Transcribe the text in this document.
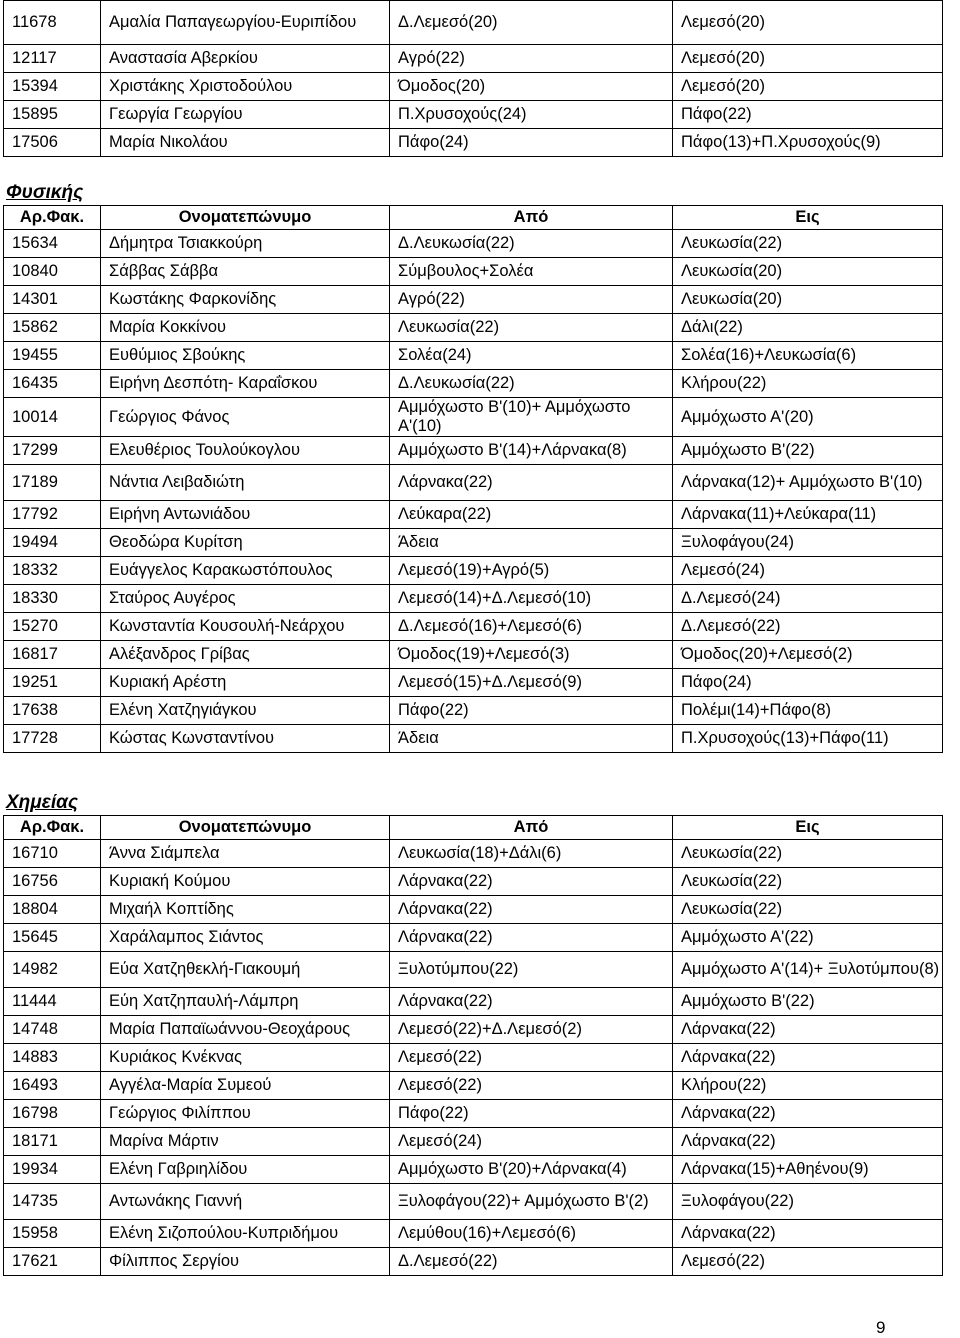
11678	Αμαλία Παπαγεωργίου-Ευριπίδου	Δ.Λεμεσό(20)	Λεμεσό(20)
12117	Αναστασία Αβερκίου	Αγρό(22)	Λεμεσό(20)
15394	Χριστάκης Χριστοδούλου	Όμοδος(20)	Λεμεσό(20)
15895	Γεωργία Γεωργίου	Π.Χρυσοχούς(24)	Πάφο(22)
17506	Μαρία Νικολάου	Πάφο(24)	Πάφο(13)+Π.Χρυσοχούς(9)
Φυσικής
Αρ.Φακ.	Ονοματεπώνυμο	Από	Εις
15634	Δήμητρα Τσιακκούρη	Δ.Λευκωσία(22)	Λευκωσία(22)
10840	Σάββας Σάββα	Σύμβουλος+Σολέα	Λευκωσία(20)
14301	Κωστάκης Φαρκονίδης	Αγρό(22)	Λευκωσία(20)
15862	Μαρία Κοκκίνου	Λευκωσία(22)	Δάλι(22)
19455	Ευθύμιος Σβούκης	Σολέα(24)	Σολέα(16)+Λευκωσία(6)
16435	Ειρήνη Δεσπότη- Καραΐσκου	Δ.Λευκωσία(22)	Κλήρου(22)
10014	Γεώργιος Φάνος	Αμμόχωστο Β'(10)+ Αμμόχωστο Α'(10)	Αμμόχωστο Α'(20)
17299	Ελευθέριος Τουλούκογλου	Αμμόχωστο Β'(14)+Λάρνακα(8)	Αμμόχωστο Β'(22)
17189	Νάντια Λειβαδιώτη	Λάρνακα(22)	Λάρνακα(12)+ Αμμόχωστο Β'(10)
17792	Ειρήνη Αντωνιάδου	Λεύκαρα(22)	Λάρνακα(11)+Λεύκαρα(11)
19494	Θεοδώρα Κυρίτση	Άδεια	Ξυλοφάγου(24)
18332	Ευάγγελος Καρακωστόπουλος	Λεμεσό(19)+Αγρό(5)	Λεμεσό(24)
18330	Σταύρος Αυγέρος	Λεμεσό(14)+Δ.Λεμεσό(10)	Δ.Λεμεσό(24)
15270	Κωνσταντία Κουσουλή-Νεάρχου	Δ.Λεμεσό(16)+Λεμεσό(6)	Δ.Λεμεσό(22)
16817	Αλέξανδρος Γρίβας	Όμοδος(19)+Λεμεσό(3)	Όμοδος(20)+Λεμεσό(2)
19251	Κυριακή Αρέστη	Λεμεσό(15)+Δ.Λεμεσό(9)	Πάφο(24)
17638	Ελένη Χατζηγιάγκου	Πάφο(22)	Πολέμι(14)+Πάφο(8)
17728	Κώστας Κωνσταντίνου	Άδεια	Π.Χρυσοχούς(13)+Πάφο(11)
Χημείας
Αρ.Φακ.	Ονοματεπώνυμο	Από	Εις
16710	Άννα Σιάμπελα	Λευκωσία(18)+Δάλι(6)	Λευκωσία(22)
16756	Κυριακή Κούμου	Λάρνακα(22)	Λευκωσία(22)
18804	Μιχαήλ Κοπτίδης	Λάρνακα(22)	Λευκωσία(22)
15645	Χαράλαμπος Σιάντος	Λάρνακα(22)	Αμμόχωστο Α'(22)
14982	Εύα Χατζηθεκλή-Γιακουμή	Ξυλοτύμπου(22)	Αμμόχωστο Α'(14)+ Ξυλοτύμπου(8)
11444	Εύη Χατζηπαυλή-Λάμπρη	Λάρνακα(22)	Αμμόχωστο Β'(22)
14748	Μαρία Παπαϊωάννου-Θεοχάρους	Λεμεσό(22)+Δ.Λεμεσό(2)	Λάρνακα(22)
14883	Κυριάκος Κνέκνας	Λεμεσό(22)	Λάρνακα(22)
16493	Αγγέλα-Μαρία Συμεού	Λεμεσό(22)	Κλήρου(22)
16798	Γεώργιος Φιλίππου	Πάφο(22)	Λάρνακα(22)
18171	Μαρίνα Μάρτιν	Λεμεσό(24)	Λάρνακα(22)
19934	Ελένη Γαβριηλίδου	Αμμόχωστο Β'(20)+Λάρνακα(4)	Λάρνακα(15)+Αθηένου(9)
14735	Αντωνάκης Γιαννή	Ξυλοφάγου(22)+ Αμμόχωστο Β'(2)	Ξυλοφάγου(22)
15958	Ελένη Σιζοπούλου-Κυπριδήμου	Λεμύθου(16)+Λεμεσό(6)	Λάρνακα(22)
17621	Φίλιππος Σεργίου	Δ.Λεμεσό(22)	Λεμεσό(22)
9
